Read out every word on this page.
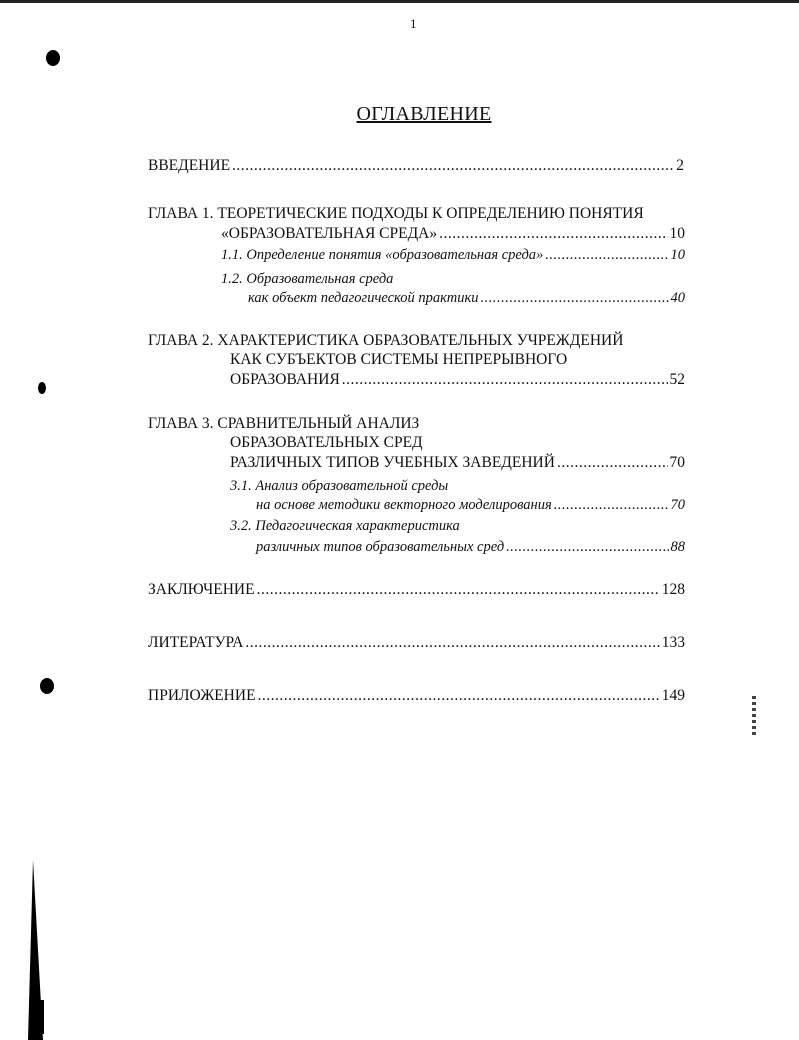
1
ОГЛАВЛЕНИЕ
ВВЕДЕНИЕ .....	2
ГЛАВА 1. ТЕОРЕТИЧЕСКИЕ ПОДХОДЫ К ОПРЕДЕЛЕНИЮ ПОНЯТИЯ
«ОБРАЗОВАТЕЛЬНАЯ СРЕДА» .....	10
1.1. Определение понятия «образовательная среда» .....	10
1.2. Образовательная среда
как объект педагогической практики .....	40
ГЛАВА 2. ХАРАКТЕРИСТИКА ОБРАЗОВАТЕЛЬНЫХ УЧРЕЖДЕНИЙ
КАК СУБЪЕКТОВ СИСТЕМЫ НЕПРЕРЫВНОГО
ОБРАЗОВАНИЯ .....	52
ГЛАВА 3. СРАВНИТЕЛЬНЫЙ АНАЛИЗ
ОБРАЗОВАТЕЛЬНЫХ СРЕД
РАЗЛИЧНЫХ ТИПОВ УЧЕБНЫХ ЗАВЕДЕНИЙ .....	70
3.1. Анализ образовательной среды
на основе методики векторного моделирования .....	70
3.2. Педагогическая характеристика
различных типов образовательных сред .....	88
ЗАКЛЮЧЕНИЕ .....	128
ЛИТЕРАТУРА .....	133
ПРИЛОЖЕНИЕ .....	149
